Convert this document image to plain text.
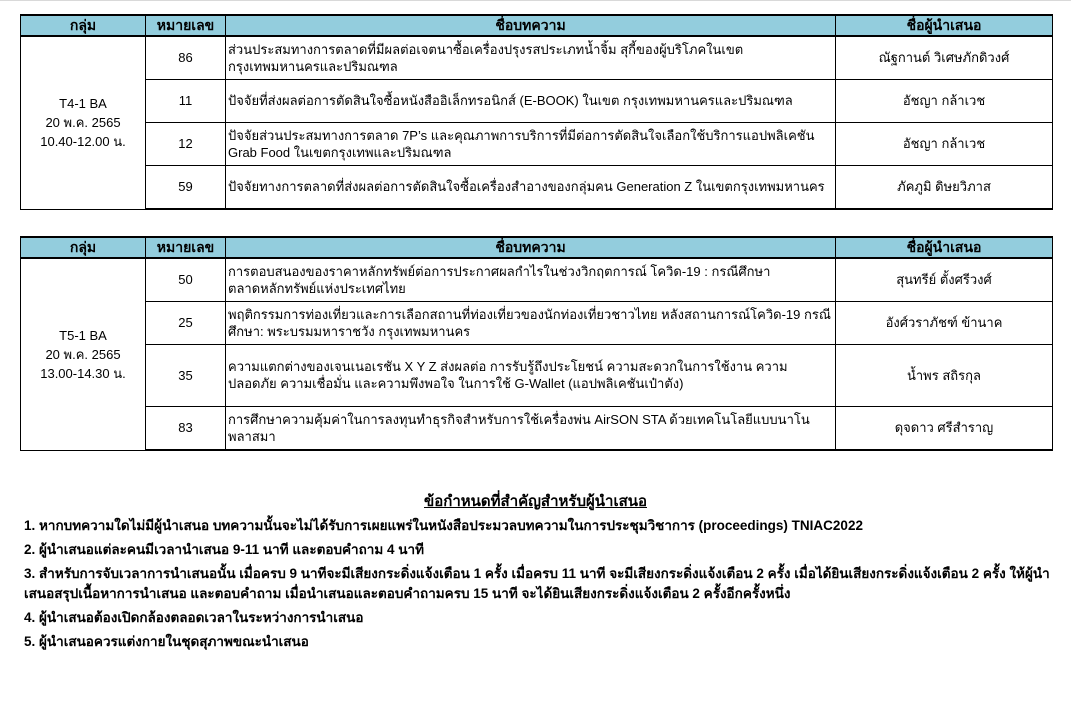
กลุ่ม	หมายเลข	ชื่อบทความ	ชื่อผู้นำเสนอ

T4-1 BA
20 พ.ค. 2565
10.40-12.00 น.	86	ส่วนประสมทางการตลาดที่มีผลต่อเจตนาซื้อเครื่องปรุงรสประเภทน้ำจิ้ม สุกี้ของผู้บริโภคในเขตกรุงเทพมหานครและปริมณฑล	ณัฐกานต์ วิเศษภักดิวงศ์
	11	ปัจจัยที่ส่งผลต่อการตัดสินใจซื้อหนังสืออิเล็กทรอนิกส์ (E-BOOK) ในเขต กรุงเทพมหานครและปริมณฑล	อัชญา กล้าเวช
	12	ปัจจัยส่วนประสมทางการตลาด 7P’s และคุณภาพการบริการที่มีต่อการตัดสินใจเลือกใช้บริการแอปพลิเคชัน Grab Food ในเขตกรุงเทพและปริมณฑล	อัชญา กล้าเวช
	59	ปัจจัยทางการตลาดที่ส่งผลต่อการตัดสินใจซื้อเครื่องสำอางของกลุ่มคน Generation Z ในเขตกรุงเทพมหานคร	ภัคภูมิ ดิษยวิภาส
กลุ่ม	หมายเลข	ชื่อบทความ	ชื่อผู้นำเสนอ

T5-1 BA
20 พ.ค. 2565
13.00-14.30 น.	50	การตอบสนองของราคาหลักทรัพย์ต่อการประกาศผลกำไรในช่วงวิกฤตการณ์ โควิด-19 : กรณีศึกษาตลาดหลักทรัพย์แห่งประเทศไทย	สุนทรีย์ ตั้งศรีวงศ์
	25	พฤติกรรมการท่องเที่ยวและการเลือกสถานที่ท่องเที่ยวของนักท่องเที่ยวชาวไทย หลังสถานการณ์โควิด-19 กรณีศึกษา: พระบรมมหาราชวัง กรุงเทพมหานคร	อังศ์วราภัชฑ์ ข้านาค
	35	ความแตกต่างของเจนเนอเรชัน X Y Z ส่งผลต่อ การรับรู้ถึงประโยชน์ ความสะดวกในการใช้งาน ความปลอดภัย ความเชื่อมั่น และความพึงพอใจ ในการใช้ G-Wallet (แอปพลิเคชันเป๋าตัง)	น้ำพร สถิรกุล
	83	การศึกษาความคุ้มค่าในการลงทุนทำธุรกิจสำหรับการใช้เครื่องพ่น AirSON STA ด้วยเทคโนโลยีแบบนาโนพลาสมา	ดุจดาว ศรีสำราญ
ข้อกำหนดที่สำคัญสำหรับผู้นำเสนอ
1. หากบทความใดไม่มีผู้นำเสนอ บทความนั้นจะไม่ได้รับการเผยแพร่ในหนังสือประมวลบทความในการประชุมวิชาการ (proceedings) TNIAC2022
2. ผู้นำเสนอแต่ละคนมีเวลานำเสนอ 9-11 นาที และตอบคำถาม 4 นาที
3. สำหรับการจับเวลาการนำเสนอนั้น เมื่อครบ 9 นาทีจะมีเสียงกระดิ่งแจ้งเตือน 1 ครั้ง เมื่อครบ 11 นาที จะมีเสียงกระดิ่งแจ้งเตือน 2 ครั้ง เมื่อได้ยินเสียงกระดิ่งแจ้งเตือน 2 ครั้ง ให้ผู้นำเสนอสรุปเนื้อหาการนำเสนอ และตอบคำถาม เมื่อนำเสนอและตอบคำถามครบ 15 นาที จะได้ยินเสียงกระดิ่งแจ้งเตือน 2 ครั้งอีกครั้งหนึ่ง
4. ผู้นำเสนอต้องเปิดกล้องตลอดเวลาในระหว่างการนำเสนอ
5. ผู้นำเสนอควรแต่งกายในชุดสุภาพขณะนำเสนอ
